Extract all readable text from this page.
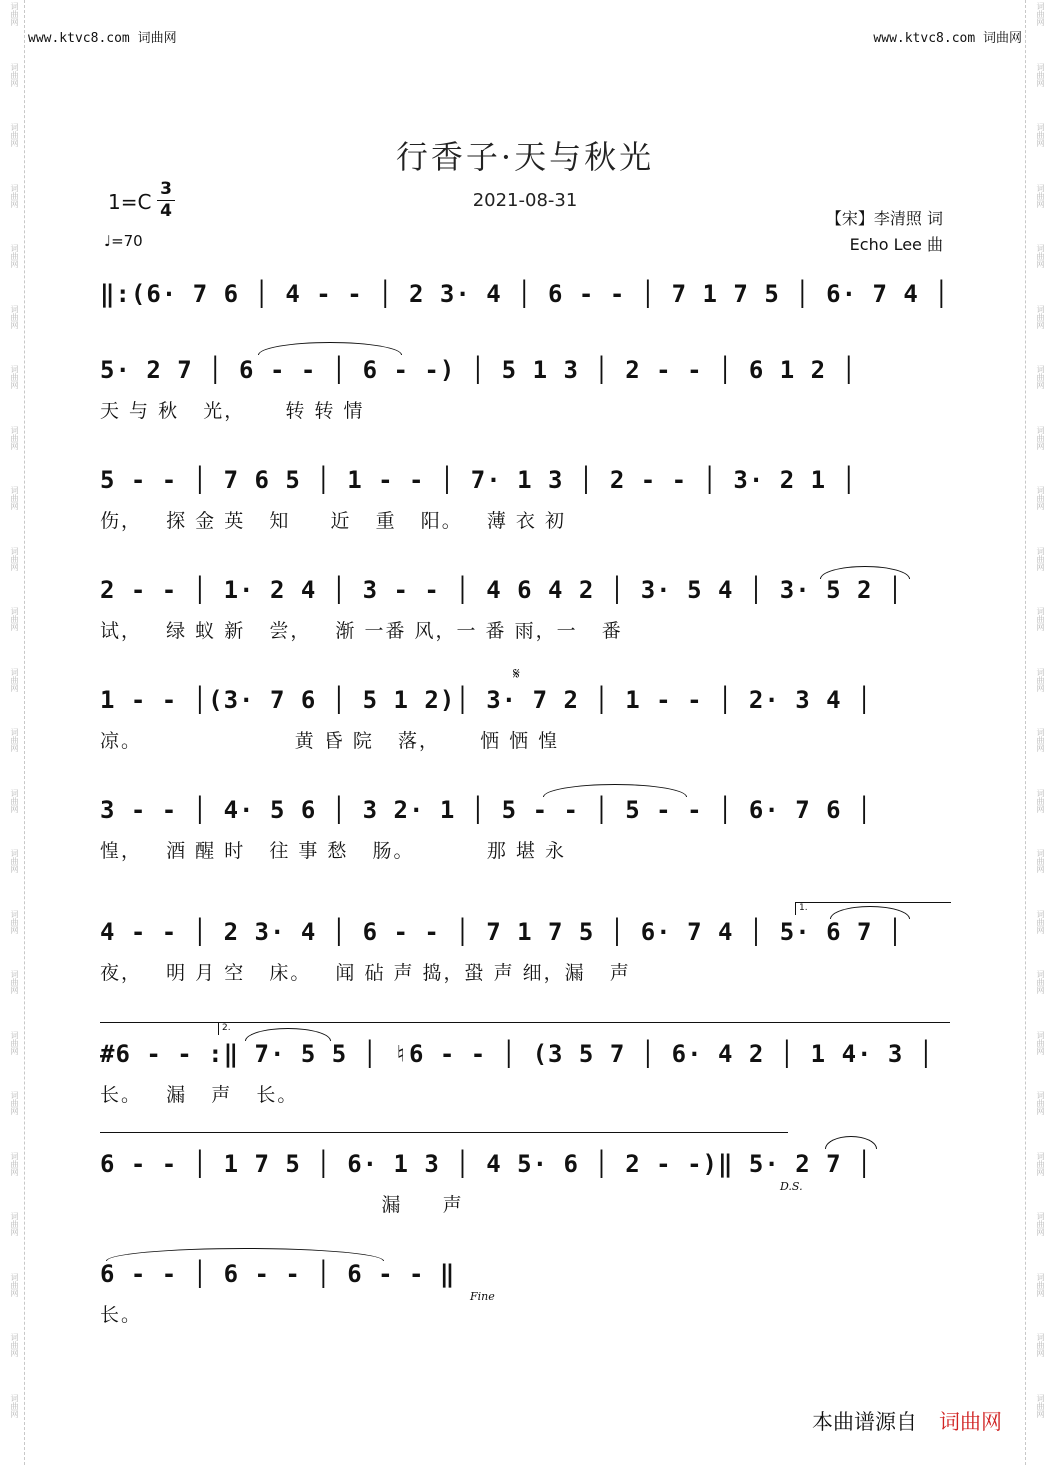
词曲网
词曲网
词曲网
词曲网
词曲网
词曲网
词曲网
词曲网
词曲网
词曲网
词曲网
词曲网
词曲网
词曲网
词曲网
词曲网
词曲网
词曲网
词曲网
词曲网
词曲网
词曲网
词曲网
词曲网
词曲网
词曲网
词曲网
词曲网
词曲网
词曲网
词曲网
词曲网
词曲网
词曲网
词曲网
词曲网
词曲网
词曲网
词曲网
词曲网
词曲网
词曲网
词曲网
词曲网
词曲网
词曲网
词曲网
词曲网
www.ktvc8.com 词曲网	www.ktvc8.com 词曲网
行香子·天与秋光
2021-08-31
1=C
3
4
♩=70
【宋】李清照 词
Echo Lee 曲
‖:(6· 7 6 │ 4 - - │ 2 3· 4 │ 6 - - │ 7 1 7 5 │ 6· 7 4 │
5· 2 7 │ 6 - - │ 6 - -) │ 5 1 3 │ 2 - - │ 6 1 2 │
天 与 秋   光，     转 转 情
5 - - │ 7 6 5 │ 1 - - │ 7· 1 3 │ 2 - - │ 3· 2 1 │
伤，   探 金 英   知     近   重   阳。   薄 衣 初
2 - - │ 1· 2 4 │ 3 - - │ 4 6 4 2 │ 3· 5 4 │ 3· 5 2 │
试，   绿 蚁 新   尝，   渐 一番 风，一 番 雨，一   番
1 - - │(3· 7 6 │ 5 1 2)│ 3· 7 2 │ 1 - - │ 2· 3 4 │
凉。                   黄 昏 院   落，     恓 恓 惶
3 - - │ 4· 5 6 │ 3 2· 1 │ 5 - - │ 5 - - │ 6· 7 6 │
惶，   酒 醒 时   往 事 愁   肠。         那 堪 永
4 - - │ 2 3· 4 │ 6 - - │ 7 1 7 5 │ 6· 7 4 │ 5· 6 7 │
夜，   明 月 空   床。   闻 砧 声 捣，蛩 声 细，漏   声
#6 - - :‖ 7· 5 5 │ ♮6 - - │ (3 5 7 │ 6· 4 2 │ 1 4· 3 │
长。   漏   声   长。
6 - - │ 1 7 5 │ 6· 1 3 │ 4 5· 6 │ 2 - -)‖ 5· 2 7 │
漏     声
6 - - │ 6 - - │ 6 - - ‖
长。
𝄋
D.S.
Fine
1.
2.
本曲谱源自 词曲网
